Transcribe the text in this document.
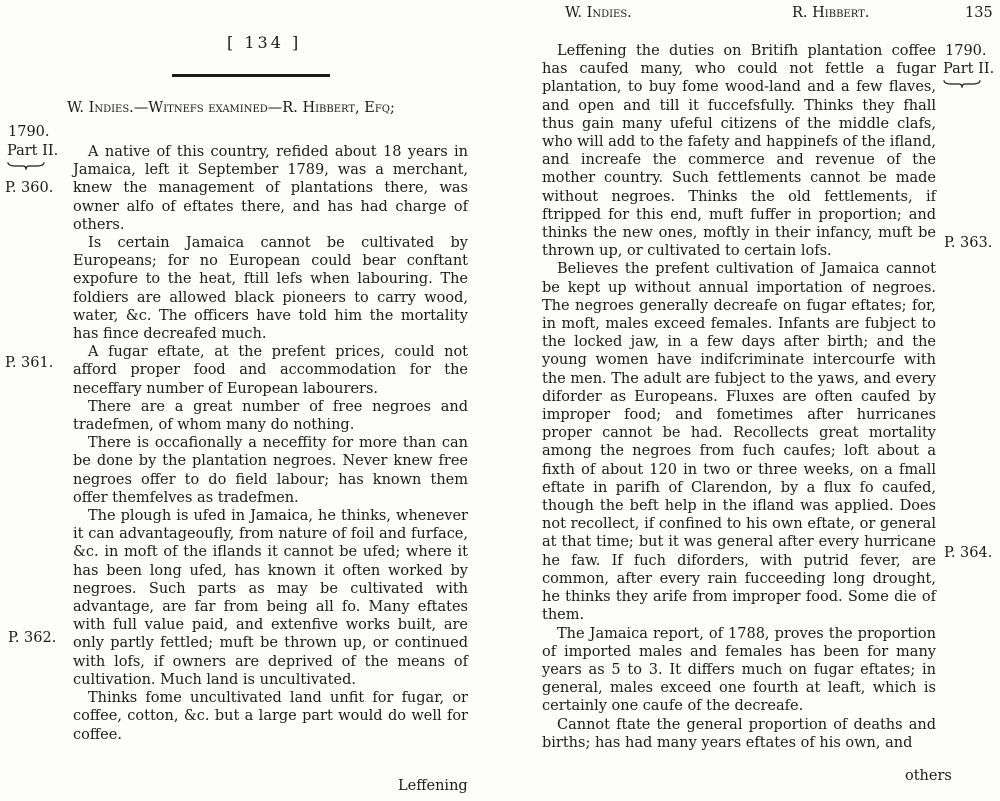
[ 134 ]
W. Indies.—Witnefs examined—R. Hibbert, Efq;
1790.
Part II.
P. 360.
P. 361.
P. 362.

A native of this country, refided about 18 years in Jamaica, left it September 1789, was a merchant, knew the management of plantations there, was owner alfo of eftates there, and has had charge of others.

Is certain Jamaica cannot be cultivated by Europeans; for no European could bear conftant expofure to the heat, ftill lefs when labouring. The foldiers are allowed black pioneers to carry wood, water, &c. The officers have told him the mortality has fince decreafed much.

A fugar eftate, at the prefent prices, could not afford proper food and accommodation for the neceffary number of European labourers.

There are a great number of free negroes and tradefmen, of whom many do nothing.

There is occafionally a neceffity for more than can be done by the plantation negroes. Never knew free negroes offer to do field labour; has known them offer themfelves as tradefmen.

The plough is ufed in Jamaica, he thinks, whenever it can advantageoufly, from nature of foil and furface, &c. in moft of the iflands it cannot be ufed; where it has been long ufed, has known it often worked by negroes. Such parts as may be cultivated with advantage, are far from being all fo. Many eftates with full value paid, and extenfive works built, are only partly fettled; muft be thrown up, or continued with lofs, if owners are deprived of the means of cultivation. Much land is uncultivated.

Thinks fome uncultivated land unfit for fugar, or coffee, cotton, &c. but a large part would do well for coffee.

Leffening
W. Indies.	R. Hibbert.	135
1790.
Part II.
P. 363.
P. 364.

Leffening the duties on Britifh plantation coffee has caufed many, who could not fettle a fugar plantation, to buy fome wood-land and a few flaves, and open and till it fuccefsfully. Thinks they fhall thus gain many ufeful citizens of the middle clafs, who will add to the fafety and happinefs of the ifland, and increafe the commerce and revenue of the mother country. Such fettlements cannot be made without negroes. Thinks the old fettlements, if ftripped for this end, muft fuffer in proportion; and thinks the new ones, moftly in their infancy, muft be thrown up, or cultivated to certain lofs.

Believes the prefent cultivation of Jamaica cannot be kept up without annual importation of negroes. The negroes generally decreafe on fugar eftates; for, in moft, males exceed females. Infants are fubject to the locked jaw, in a few days after birth; and the young women have indifcriminate intercourfe with the men. The adult are fubject to the yaws, and every diforder as Europeans. Fluxes are often caufed by improper food; and fometimes after hurricanes proper cannot be had. Recollects great mortality among the negroes from fuch caufes; loft about a fixth of about 120 in two or three weeks, on a fmall eftate in parifh of Clarendon, by a flux fo caufed, though the beft help in the ifland was applied. Does not recollect, if confined to his own eftate, or general at that time; but it was general after every hurricane he faw. If fuch diforders, with putrid fever, are common, after every rain fucceeding long drought, he thinks they arife from improper food. Some die of them.

The Jamaica report, of 1788, proves the proportion of imported males and females has been for many years as 5 to 3. It differs much on fugar eftates; in general, males exceed one fourth at leaft, which is certainly one caufe of the decreafe.

Cannot ftate the general proportion of deaths and births; has had many years eftates of his own, and

others
